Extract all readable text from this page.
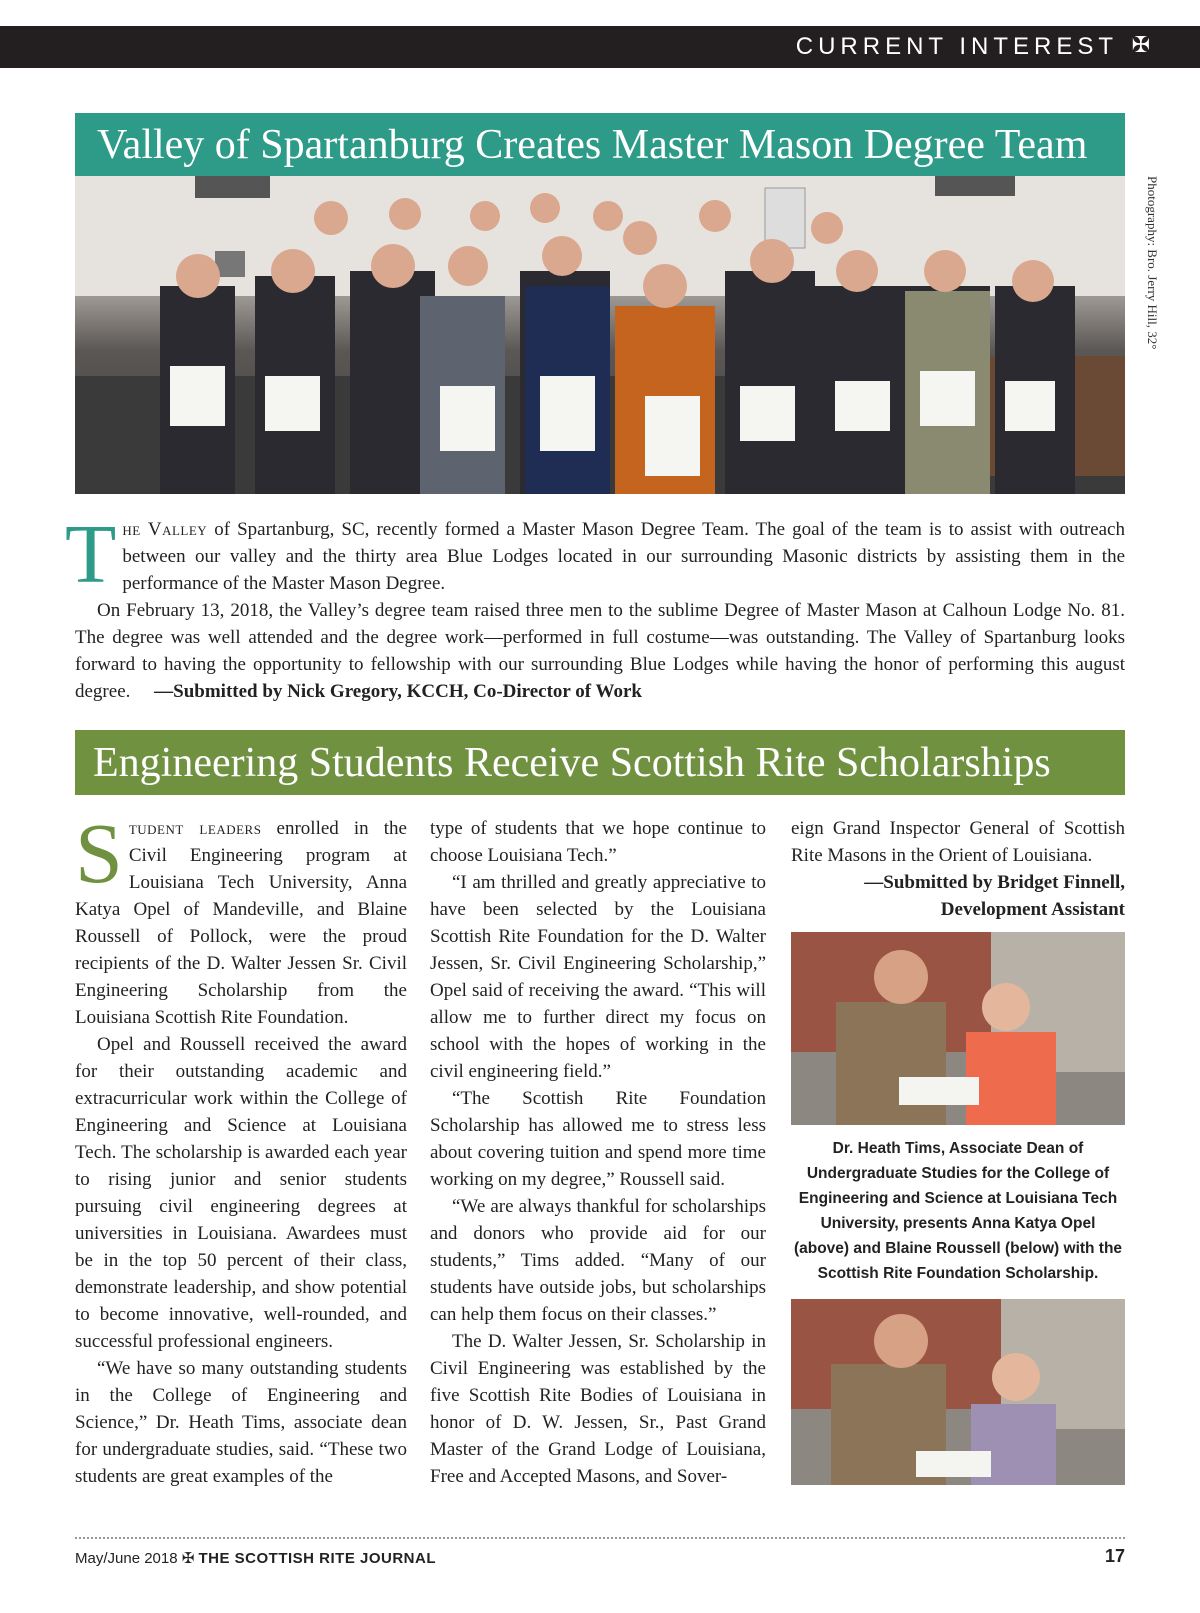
CURRENT INTEREST ✠
Valley of Spartanburg Creates Master Mason Degree Team
Photography: Bro. Jerry Hill, 32°

The Valley of Spartanburg, SC, recently formed a Master Mason Degree Team. The goal of the team is to assist with outreach between our valley and the thirty area Blue Lodges located in our surrounding Masonic districts by assisting them in the performance of the Master Mason Degree.

On February 13, 2018, the Valley’s degree team raised three men to the sublime Degree of Master Mason at Calhoun Lodge No. 81. The degree was well attended and the degree work—performed in full costume—was outstanding. The Valley of Spartanburg looks forward to having the opportunity to fellowship with our surrounding Blue Lodges while having the honor of performing this august degree. —Submitted by Nick Gregory, KCCH, Co-Director of Work

Engineering Students Receive Scottish Rite Scholarships

Student leaders enrolled in the Civil Engineering program at Louisiana Tech University, Anna Katya Opel of Mandeville, and Blaine Roussell of Pollock, were the proud recipients of the D. Walter Jessen Sr. Civil Engineering Scholarship from the Louisiana Scottish Rite Foundation.

Opel and Roussell received the award for their outstanding academic and extracurricular work within the College of Engineering and Science at Louisiana Tech. The scholarship is awarded each year to rising junior and senior students pursuing civil engineering degrees at universities in Louisiana. Awardees must be in the top 50 percent of their class, demonstrate leadership, and show potential to become innovative, well-rounded, and successful professional engineers.

“We have so many outstanding students in the College of Engineering and Science,” Dr. Heath Tims, associate dean for undergraduate studies, said. “These two students are great examples of the

type of students that we hope continue to choose Louisiana Tech.”

“I am thrilled and greatly appreciative to have been selected by the Louisiana Scottish Rite Foundation for the D. Walter Jessen, Sr. Civil Engineering Scholarship,” Opel said of receiving the award. “This will allow me to further direct my focus on school with the hopes of working in the civil engineering field.”

“The Scottish Rite Foundation Scholarship has allowed me to stress less about covering tuition and spend more time working on my degree,” Roussell said.

“We are always thankful for scholarships and donors who provide aid for our students,” Tims added. “Many of our students have outside jobs, but scholarships can help them focus on their classes.”

The D. Walter Jessen, Sr. Scholarship in Civil Engineering was established by the five Scottish Rite Bodies of Louisiana in honor of D. W. Jessen, Sr., Past Grand Master of the Grand Lodge of Louisiana, Free and Accepted Masons, and Sover-

eign Grand Inspector General of Scottish Rite Masons in the Orient of Louisiana.

—Submitted by Bridget Finnell,

Development Assistant

Dr. Heath Tims, Associate Dean of Undergraduate Studies for the College of Engineering and Science at Louisiana Tech University, presents Anna Katya Opel (above) and Blaine Roussell (below) with the Scottish Rite Foundation Scholarship.
May/June 2018 ✠ THE SCOTTISH RITE JOURNAL	17
